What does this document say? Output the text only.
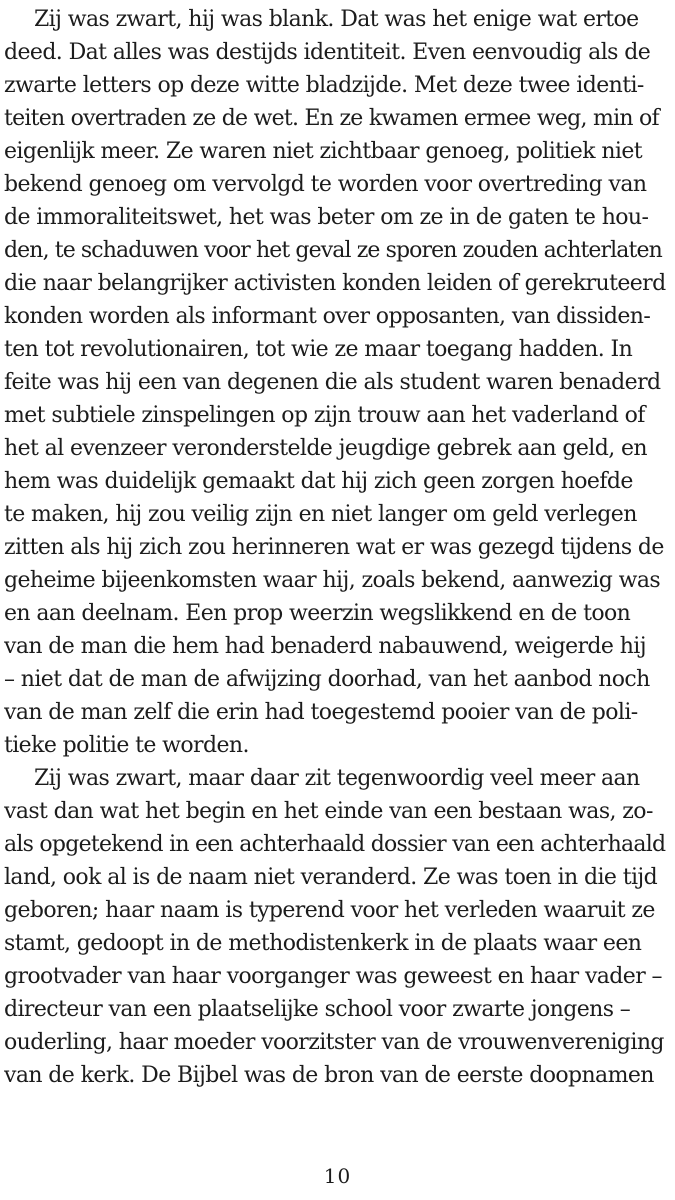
Zij was zwart, hij was blank. Dat was het enige wat ertoe
deed. Dat alles was destijds identiteit. Even eenvoudig als de
zwarte letters op deze witte bladzijde. Met deze twee identi-
teiten overtraden ze de wet. En ze kwamen ermee weg, min of
eigenlijk meer. Ze waren niet zichtbaar genoeg, politiek niet
bekend genoeg om vervolgd te worden voor overtreding van
de immoraliteitswet, het was beter om ze in de gaten te hou-
den, te schaduwen voor het geval ze sporen zouden achterlaten
die naar belangrijker activisten konden leiden of gerekruteerd
konden worden als informant over opposanten, van dissiden-
ten tot revolutionairen, tot wie ze maar toegang hadden. In
feite was hij een van degenen die als student waren benaderd
met subtiele zinspelingen op zijn trouw aan het vaderland of
het al evenzeer veronderstelde jeugdige gebrek aan geld, en
hem was duidelijk gemaakt dat hij zich geen zorgen hoefde
te maken, hij zou veilig zijn en niet langer om geld verlegen
zitten als hij zich zou herinneren wat er was gezegd tijdens de
geheime bijeenkomsten waar hij, zoals bekend, aanwezig was
en aan deelnam. Een prop weerzin wegslikkend en de toon
van de man die hem had benaderd nabauwend, weigerde hij
– niet dat de man de afwijzing doorhad, van het aanbod noch
van de man zelf die erin had toegestemd pooier van de poli-
tieke politie te worden.
Zij was zwart, maar daar zit tegenwoordig veel meer aan
vast dan wat het begin en het einde van een bestaan was, zo-
als opgetekend in een achterhaald dossier van een achterhaald
land, ook al is de naam niet veranderd. Ze was toen in die tijd
geboren; haar naam is typerend voor het verleden waaruit ze
stamt, gedoopt in de methodistenkerk in de plaats waar een
grootvader van haar voorganger was geweest en haar vader –
directeur van een plaatselijke school voor zwarte jongens –
ouderling, haar moeder voorzitster van de vrouwenvereniging
van de kerk. De Bijbel was de bron van de eerste doopnamen
10
